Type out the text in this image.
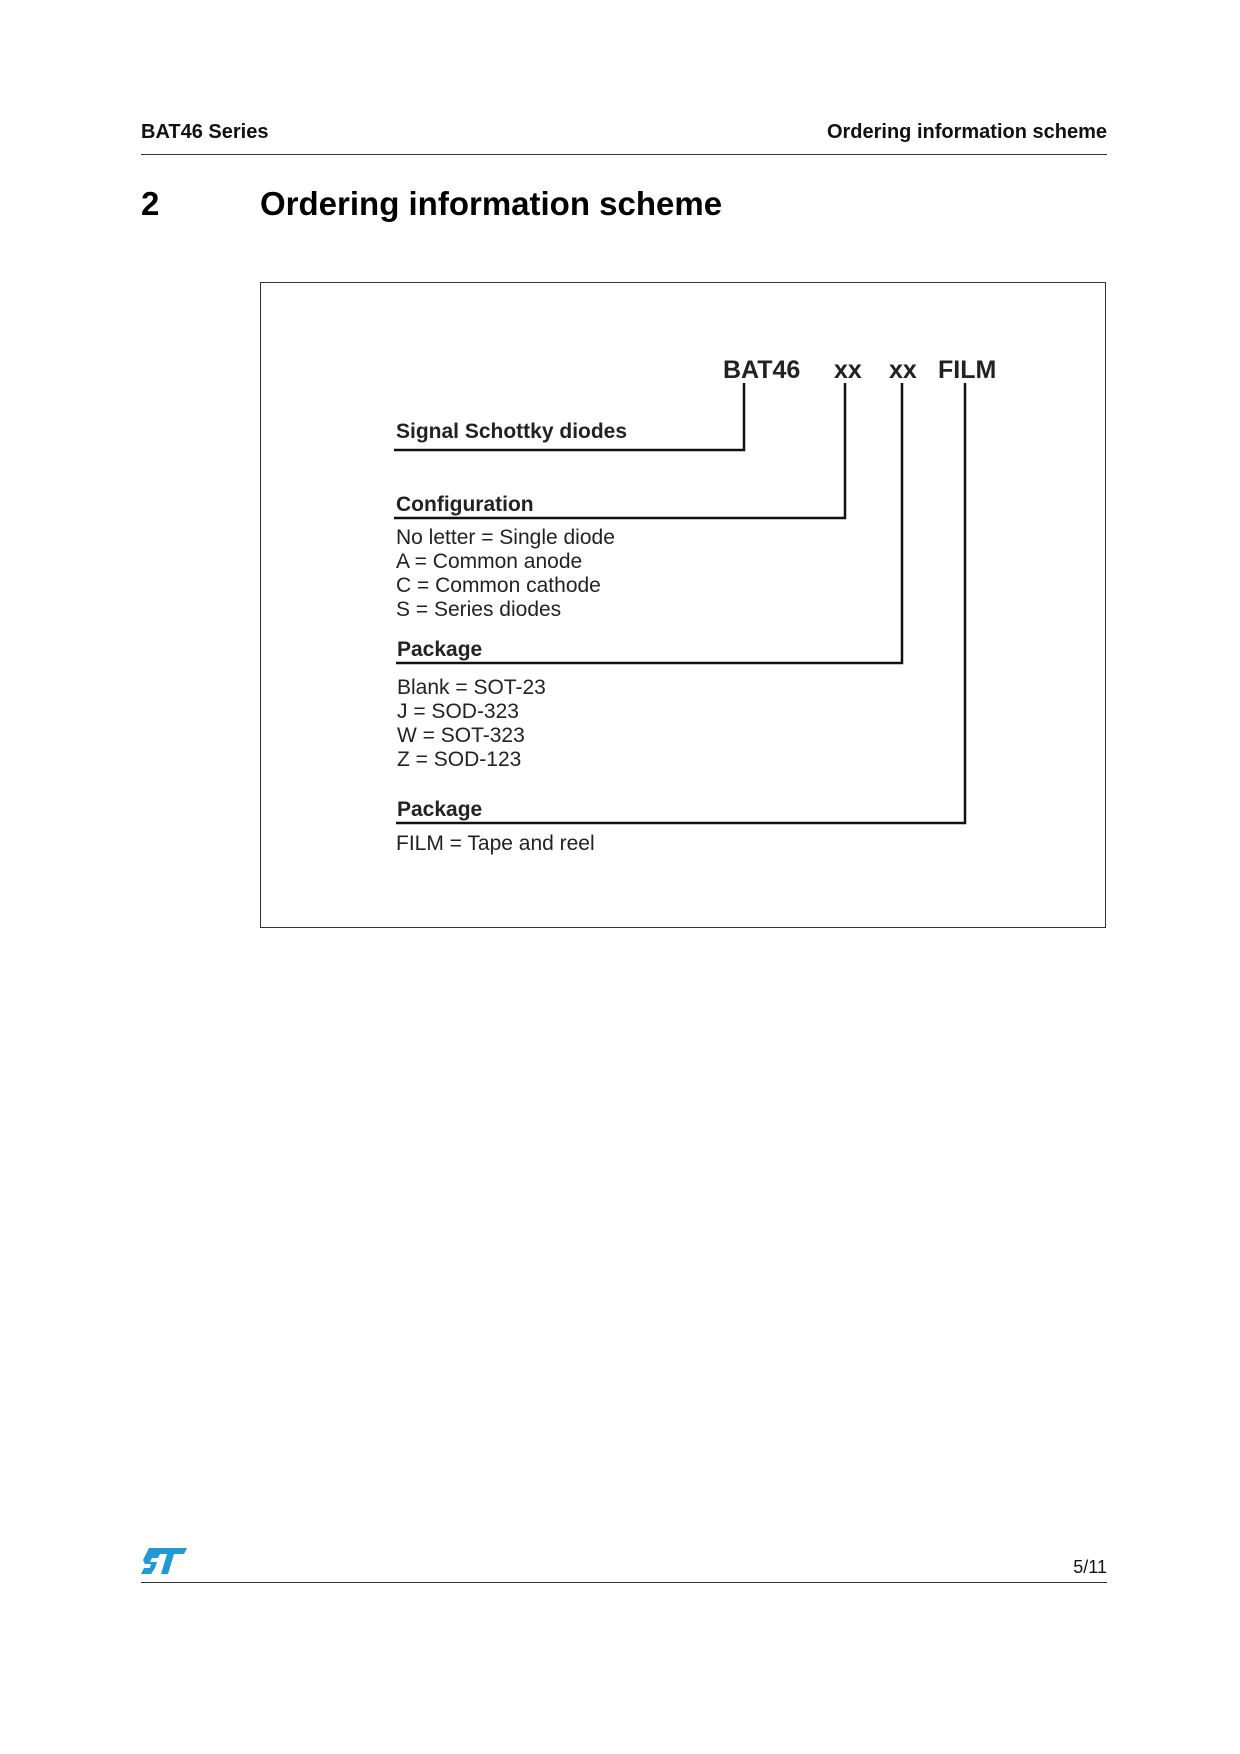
BAT46 Series	Ordering information scheme
2	Ordering information scheme
BAT46 xx xx FILM
Signal Schottky diodes
Configuration
No letter = Single diode
A = Common anode
C = Common cathode
S = Series diodes
Package
Blank = SOT-23
J = SOD-323
W = SOT-323
Z = SOD-123
Package
FILM = Tape and reel
5/11
